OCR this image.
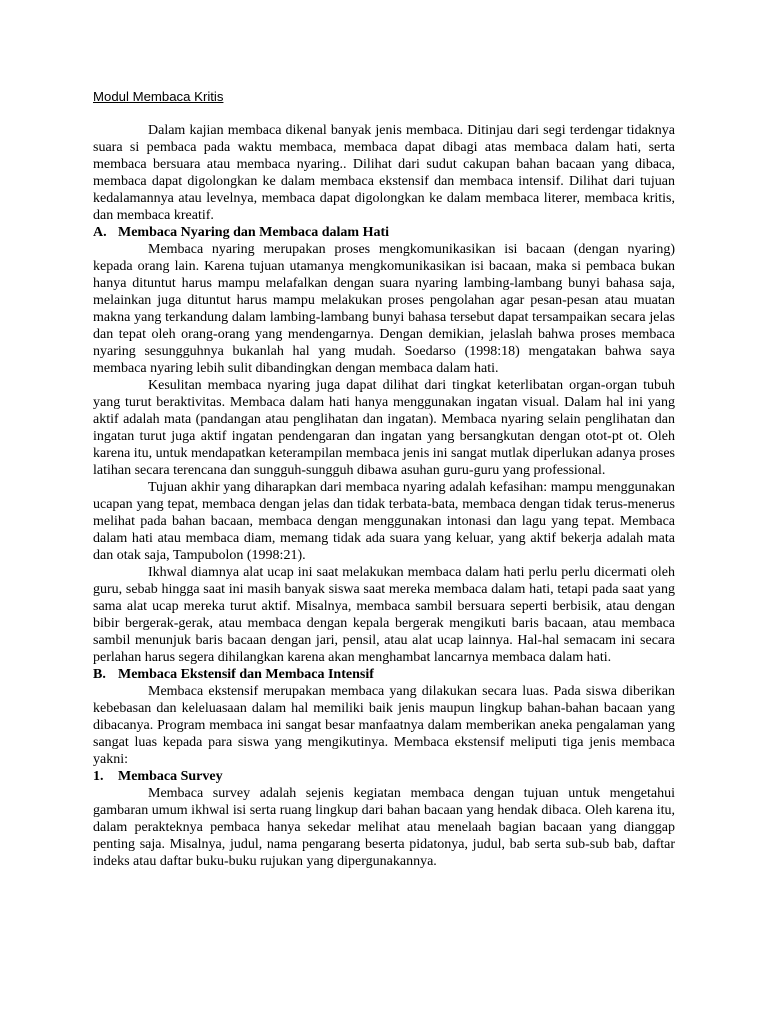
Modul Membaca Kritis

Dalam kajian membaca dikenal banyak jenis membaca. Ditinjau dari segi terdengar tidaknya suara si pembaca pada waktu membaca, membaca dapat dibagi atas membaca dalam hati, serta membaca bersuara atau membaca nyaring.. Dilihat dari sudut cakupan bahan bacaan yang dibaca, membaca dapat digolongkan ke dalam membaca ekstensif dan membaca intensif. Dilihat dari tujuan kedalamannya atau levelnya, membaca dapat digolongkan ke dalam membaca literer, membaca kritis, dan membaca kreatif.

A. Membaca Nyaring dan Membaca dalam Hati

Membaca nyaring merupakan proses mengkomunikasikan isi bacaan (dengan nyaring) kepada orang lain. Karena tujuan utamanya mengkomunikasikan isi bacaan, maka si pembaca bukan hanya dituntut harus mampu melafalkan dengan suara nyaring lambing-lambang bunyi bahasa saja, melainkan juga dituntut harus mampu melakukan proses pengolahan agar pesan-pesan atau muatan makna yang terkandung dalam lambing-lambang bunyi bahasa tersebut dapat tersampaikan secara jelas dan tepat oleh orang-orang yang mendengarnya. Dengan demikian, jelaslah bahwa proses membaca nyaring sesungguhnya bukanlah hal yang mudah. Soedarso (1998:18) mengatakan bahwa saya membaca nyaring lebih sulit dibandingkan dengan membaca dalam hati.

Kesulitan membaca nyaring juga dapat dilihat dari tingkat keterlibatan organ-organ tubuh yang turut beraktivitas. Membaca dalam hati hanya menggunakan ingatan visual. Dalam hal ini yang aktif adalah mata (pandangan atau penglihatan dan ingatan). Membaca nyaring selain penglihatan dan ingatan turut juga aktif ingatan pendengaran dan ingatan yang bersangkutan dengan otot-pt ot. Oleh karena itu, untuk mendapatkan keterampilan membaca jenis ini sangat mutlak diperlukan adanya proses latihan secara terencana dan sungguh-sungguh dibawa asuhan guru-guru yang professional.

Tujuan akhir yang diharapkan dari membaca nyaring adalah kefasihan: mampu menggunakan ucapan yang tepat, membaca dengan jelas dan tidak terbata-bata, membaca dengan tidak terus-menerus melihat pada bahan bacaan, membaca dengan menggunakan intonasi dan lagu yang tepat. Membaca dalam hati atau membaca diam, memang tidak ada suara yang keluar, yang aktif bekerja adalah mata dan otak saja, Tampubolon (1998:21).

Ikhwal diamnya alat ucap ini saat melakukan membaca dalam hati perlu perlu dicermati oleh guru, sebab hingga saat ini masih banyak siswa saat mereka membaca dalam hati, tetapi pada saat yang sama alat ucap mereka turut aktif. Misalnya, membaca sambil bersuara seperti berbisik, atau dengan bibir bergerak-gerak, atau membaca dengan kepala bergerak mengikuti baris bacaan, atau membaca sambil menunjuk baris bacaan dengan jari, pensil, atau alat ucap lainnya. Hal-hal semacam ini secara perlahan harus segera dihilangkan karena akan menghambat lancarnya membaca dalam hati.

B. Membaca Ekstensif dan Membaca Intensif

Membaca ekstensif merupakan membaca yang dilakukan secara luas. Pada siswa diberikan kebebasan dan keleluasaan dalam hal memiliki baik jenis maupun lingkup bahan-bahan bacaan yang dibacanya. Program membaca ini sangat besar manfaatnya dalam memberikan aneka pengalaman yang sangat luas kepada para siswa yang mengikutinya. Membaca ekstensif meliputi tiga jenis membaca yakni:

1.	Membaca Survey

Membaca survey adalah sejenis kegiatan membaca dengan tujuan untuk mengetahui gambaran umum ikhwal isi serta ruang lingkup dari bahan bacaan yang hendak dibaca. Oleh karena itu, dalam perakteknya pembaca hanya sekedar melihat atau menelaah bagian bacaan yang dianggap penting saja. Misalnya, judul, nama pengarang beserta pidatonya, judul, bab serta sub-sub bab, daftar indeks atau daftar buku-buku rujukan yang dipergunakannya.
